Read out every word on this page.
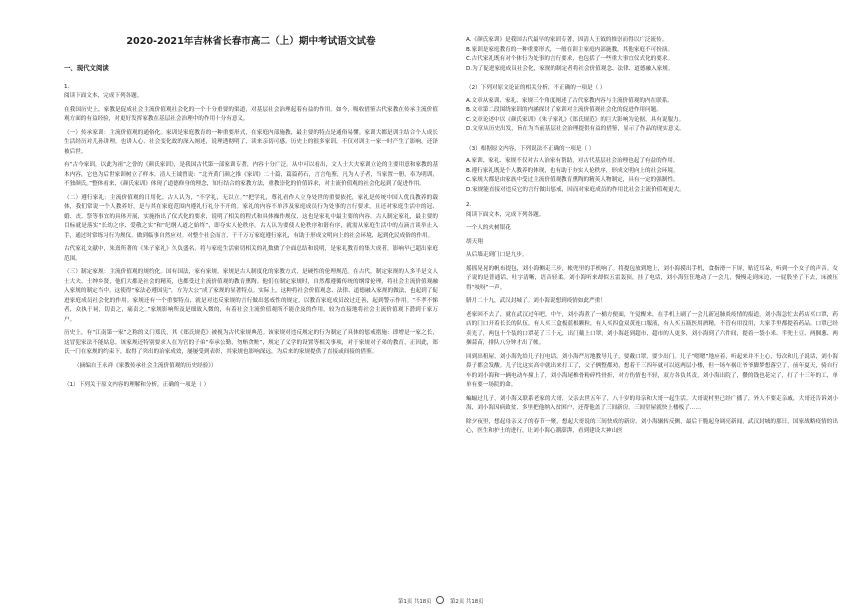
2020-2021年吉林省长春市高二（上）期中考试语文试卷
一、现代文阅读
1.

阅读下面文本，完成下列各题。

在我国历史上，家教是促成社会主流价值观社会化的一个十分重要的渠道，对基层社会治理起着有益的作用。如今，吸收借鉴古代家教在传承主流价值观方面的有益经验，对更好发挥家教在基层社会治理中的作用十分有意义。

（一）传承家训：主流价值观的通俗化。家训是家庭教育的一种重要形式，在家庭内部施教，最主要的特点是通俗易懂。家训大都是训主结合个人成长生活经历对儿孙讲理，也讲人心、社会变化故的深入阐述，说理透彻明了，读来亲切可感。历史上的很多家训，不仅对训主一家一时产生了影响，还泽被后世。

有“古今家训，以此为祖”之誉的《颜氏家训》，是我国古代第一部家训专著，内容十分广泛。从中可以看出，文人士大夫家训立论的主要用意和家教的基本内容，它也为后世家训树立了样本。清人王钺曾说：“北齐黄门颜之推《家训》二十篇，篇篇药石，言言龟鉴，凡为人子者，当家置一册，奉为明训，不独颜氏。”整体看来，《颜氏家训》体现了道德修身的理念，知行结合的家教方法，重教崇化的价值诉求，对主流价值观的社会化起到了促进作用。

（二）遵行家礼：主流价值观的日用化。古人认为，“不学礼，无以立。”“把学礼，尊礼看作人立身处世的重要依托，家礼是传统中国人优良教养的载体，我们常说一个人教养好，是与其在家庭范围内遵礼行礼分不开的。家礼的内容不单涉及家庭成员行为处事的言行要求，且还对家庭生活中的冠、婚、丧、祭等事宜的具体开展，实施指出了仪式化的要求，说明了相关的程式和具体操作规仪，这也是家礼中最主要的内容。古人制定家礼，最主要的目标就是落实“长幼之序、爱敬之实”和“纪纲人道之始终”，即夺实人伦秩序。古人认为要使人伦秩序和谐有序，就需从家庭生活中的点滴言谈举止入手，通过时常练习行为规仪，做到临事自然应对。对整个社会而言，千千万万家庭遵行家礼，有助于形成文明向上的社会环境，起到化民成俗的作用。

古代家礼文献中，朱熹所著的《朱子家礼》久负盛名，将与家庭生活密切相关的礼数做了全面总结和说明，是家礼教育的集大成者，影响早已超出家庭范围。

（三）制定家规：主流价值观的规约化。国有国法，家有家规。家规是古人制度化的家教方式，是硬性的伦理规范。在古代，制定家规的人多半是文人士大夫、士绅乡贤，他们大都是社会的精英，也都受过主流价值观的教育熏陶。他们在制定家规时，自然都遵循传统的纲常伦理，将社会主流价值观融入家规的制定当中。这使得“家法必遵国宪”，方为大公”成了家规的显著特点。实际上，这种将社会价值观念、法律、道德融入家规的做法，也起到了促进家庭成员社会化的作用。家规还有一个重要特点，就是对违反家规的言行做出惩戒性的规定，以教育家庭成员改过迁善，起到警示作用。“不孝不悌者，众执于祠，切责之，痛责之。”家规影响所及是细致入微的，有着社会主流价值观所不能企及的作用，较为直接地将社会主流价值观下潜到千家万户。

历史上，有“江南第一家”之称的义门郑氏，其《郑氏规范》被视为古代家规典范。该家规对违反规定的行为制定了具体的惩戒措施：即增是一家之长，这冒犯家法不能姑息。该家规还特别要求人在为官的子弟“奉承公勤，勿贿贪赃”，规定了义学的设置等相关事项，对于家规对子弟的教育，正因此，郑氏一门在家规的约束下，取得了突出的治家成效，屡屡受到表彰，其家规也影响深远，为后来的家规提供了直接或间接的借鉴。

（摘编自王永祥《家教传承社会主流价值观的历史经验》）
（1）下列关于原文内容的理解和分析，正确的一项是（ ）

A.《颜氏家训》是我国古代最早的家训专著，因清人王钺的推崇而得以广泛流传。

B.家训是家庭教育的一种重要形式，一般在训主家庭内部施教，其他家庭不可扮演。

C.古代家礼既有对个体行为处事的言行要求，也包括了一些重大事宜仪式化的要求。

D.为了促进家庭成员社会化，家规的制定者将社会价值观念、法律、道德融入家规。

（2）下列对原文论证的相关分析，不正确的一项是（ ）

A.文章从家训、家礼、家规三个角度阐述了古代家教内容与主流价值观的内在联系。

B.文章第二段围绕家训的内涵探讨了家训对主流价值观社会化的促进作用问题。

C.文章论述中以《颜氏家训》《朱子家礼》《郑氏规范》的巨大影响为论据，具有说服力。

D.文章从历史出发，旨在为当前基层社会治理提供有益的借鉴，显示了作品的现实意义。

（3）根据原文内容，下列说法不正确的一项是（ ）

A.家训、家礼、家规不仅对古人治家有帮助，对古代基层社会治理也起了有益的作用。

B.遵行家礼既是个人教养的体现，也有助于夯实人伦秩序，形成文明向上的社会环境。

C.家规大都是由家族中受过主流价值观教育熏陶的精英人物制定，具有一定的强制性。

D.家规能直接对违反它的言行做出惩戒，因而对家庭成员的作用比社会主流价值观更大。

2.

阅读下面文本，完成下列各题。

一个人的火树银花

胡天翔

从后墙走到门口是九步。

摇摇晃晃的帆布提包，刘小海侧走三步，帐兜里的手机响了。将提包放到地上，刘小海摸出手机，食指滑一下屏，贴近耳朵，听到一个女子的声音。女子说的是普通话，吐字清晰，语音轻柔。刘小海听来却似五雷轰顶，挂了电话，刘小海狂狂地动了一会儿，慢慢走到床边，一屁股坐了下去，床被压得“吱呀”一声。

腊月二十九，武汉封城了。刘小海说想到疫情如此严重！

老家回不去了，就在武汉过年吧。中午，刘小海煮了一桶方便面，午觉醒来，在手机上刷了一会儿新冠肺炎疫情的报道，刘小海急忙去药店买口罩，药店的门口开着长长的队伍，有人买三盒板蓝根颗粒，有人买四盒双黄连口服液，有人买五瓶医用酒精，不管有用没用，大家手里都提着药品。口罩已经卖光了，两包十个装的口罩花了三十元，出门戴上口罩，刘小海赶到超市，超市的人更多，刘小海到了六件间，提着一袋小米、半兜土豆、两捆葱、两捆蒜苗，排队八分钟才出了帐。

回到出租屋，刘小海先给儿子打电话，刘小海严厉地教导儿子，要戴口罩，要少出门。儿子“嗯嗯”地应着，听起来并不上心，每次和儿子说话，刘小海鼻子都会发酸。儿子比这实高中就出来打工了，父子俩整都劝，想着千三四年就可以返两层小楼，但一场车祸让爷爷脚梦想落空了，前年夏天，骑自行车的刘小海和一辆电动车撞上了，刘小海尾椎骨粉碎性骨折，对方伤情也不轻，双方各负其责，刘小海出院了，攒的钱也花完了，打了十三年的工，单单有要一场院的命。

蝙蝠过儿子，刘小海又联系老家的大哥，父亲去世五年了，八十岁的母亲和大哥一起生活。大哥说村里已经广播了，外人不要走亲戚，大哥还告诉刘小海，刘小海因病致贫，多里把他纳入贫困户，还帮他盖了三间新房。三间堂屋就快上楼板了……

除夕夜里，想起母亲又子的春节一聚，想起大哥说的三间快成的新房。刘小海辗转反侧，最后干脆起身调亮新闻，武汉封城的那日，国家战略疫情的出心，医生和护士的进行，让刘小海心潮澎湃，看到建设大神山医

第1页 共18页	第2页 共18页
